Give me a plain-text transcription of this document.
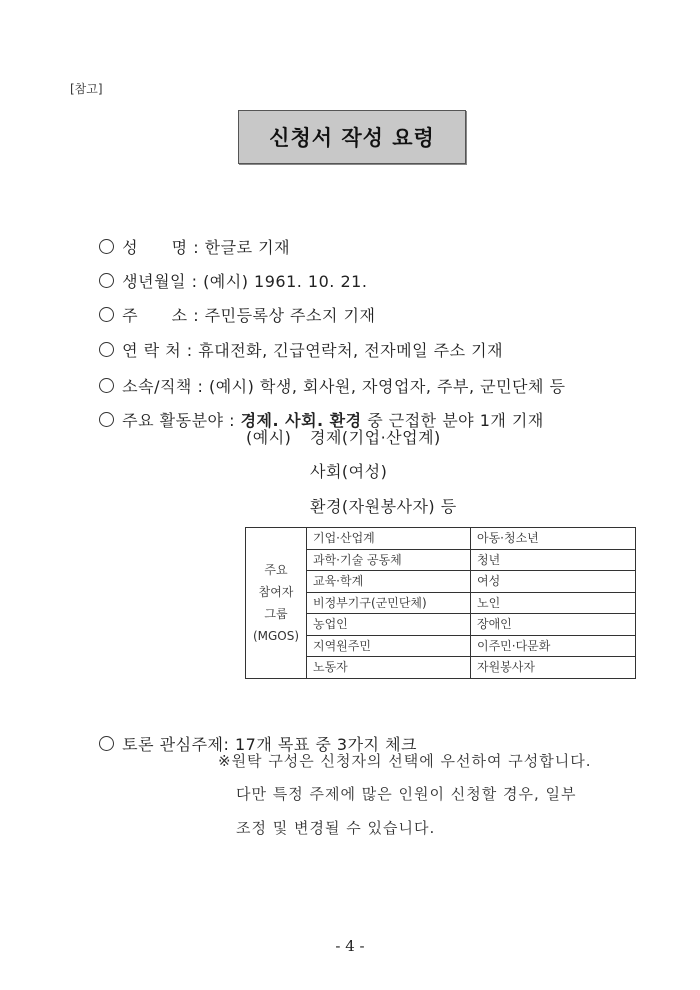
[참고]
신청서 작성 요령

성      명 : 한글로 기재

생년월일 : (예시) 1961. 10. 21.

주      소 : 주민등록상 주소지 기재

연 락 처 : 휴대전화, 긴급연락처, 전자메일 주소 기재

소속/직책 : (예시) 학생, 회사원, 자영업자, 주부, 군민단체 등

주요 활동분야 : 경제. 사회. 환경 중 근접한 분야 1개 기재

(예시) 경제(기업·산업계)
사회(여성)
환경(자원봉사자) 등
주요
참여자
그룹
(MGOS)	기업·산업계	아동·청소년
	과학·기술 공동체	청년
	교육·학계	여성
	비정부기구(군민단체)	노인
	농업인	장애인
	지역원주민	이주민·다문화
	노동자	자원봉사자

토론 관심주제: 17개 목표 중 3가지 체크

※원탁 구성은 신청자의 선택에 우선하여 구성합니다.
다만 특정 주제에 많은 인원이 신청할 경우, 일부
조정 및 변경될 수 있습니다.
- 4 -
